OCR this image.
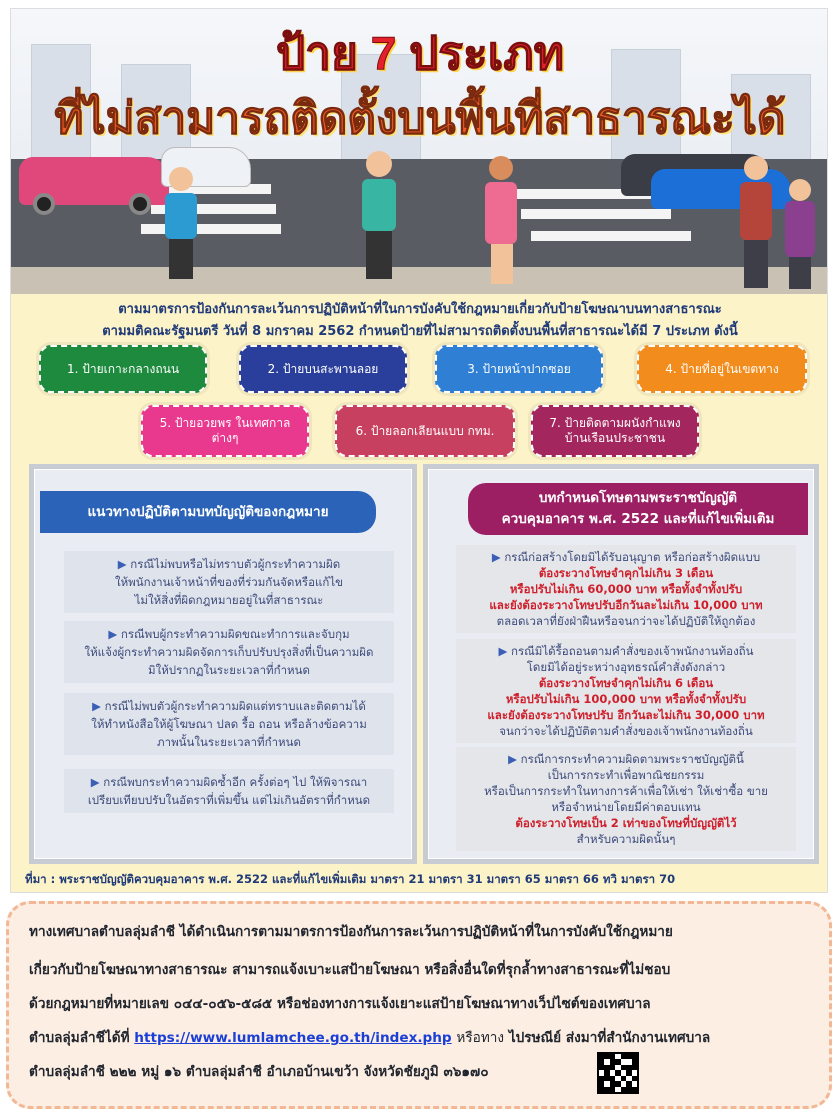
ป้าย 7 ประเภท
ที่ไม่สามารถติดตั้งบนพื้นที่สาธารณะได้
ตามมาตรการป้องกันการละเว้นการปฏิบัติหน้าที่ในการบังคับใช้กฎหมายเกี่ยวกับป้ายโฆษณาบนทางสาธารณะ
ตามมติคณะรัฐมนตรี วันที่ 8 มกราคม 2562 กำหนดป้ายที่ไม่สามารถติดตั้งบนพื้นที่สาธารณะได้มี 7 ประเภท ดังนี้
1. ป้ายเกาะกลางถนน	2. ป้ายบนสะพานลอย	3. ป้ายหน้าปากซอย	4. ป้ายที่อยู่ในเขตทาง
5. ป้ายอวยพร ในเทศกาลต่างๆ
6. ป้ายลอกเลียนแบบ กทม.
7. ป้ายติดตามผนังกำแพง บ้านเรือนประชาชน
แนวทางปฏิบัติตามบทบัญญัติของกฎหมาย
▶ กรณีไม่พบหรือไม่ทราบตัวผู้กระทำความผิด
ให้พนักงานเจ้าหน้าที่ของที่ร่วมกันจัดหรือแก้ไข
ไม่ให้สิ่งที่ผิดกฎหมายอยู่ในที่สาธารณะ
▶ กรณีพบผู้กระทำความผิดขณะทำการและจับกุม
ให้แจ้งผู้กระทำความผิดจัดการเก็บปรับปรุงสิ่งที่เป็นความผิด
มิให้ปรากฏในระยะเวลาที่กำหนด
▶ กรณีไม่พบตัวผู้กระทำความผิดแต่ทราบและติดตามได้
ให้ทำหนังสือให้ผู้โฆษณา ปลด รื้อ ถอน หรือล้างข้อความ
ภาพนั้นในระยะเวลาที่กำหนด
▶ กรณีพบกระทำความผิดซ้ำอีก ครั้งต่อๆ ไป ให้พิจารณา
เปรียบเทียบปรับในอัตราที่เพิ่มขึ้น แต่ไม่เกินอัตราที่กำหนด
บทกำหนดโทษตามพระราชบัญญัติ
ควบคุมอาคาร พ.ศ. 2522 และที่แก้ไขเพิ่มเติม
▶ กรณีก่อสร้างโดยมิได้รับอนุญาต หรือก่อสร้างผิดแบบ
ต้องระวางโทษจำคุกไม่เกิน 3 เดือน
หรือปรับไม่เกิน 60,000 บาท หรือทั้งจำทั้งปรับ
และยังต้องระวางโทษปรับอีกวันละไม่เกิน 10,000 บาท
ตลอดเวลาที่ยังฝ่าฝืนหรือจนกว่าจะได้ปฏิบัติให้ถูกต้อง
▶ กรณีมิได้รื้อถอนตามคำสั่งของเจ้าพนักงานท้องถิ่น
โดยมิได้อยู่ระหว่างอุทธรณ์คำสั่งดังกล่าว
ต้องระวางโทษจำคุกไม่เกิน 6 เดือน
หรือปรับไม่เกิน 100,000 บาท หรือทั้งจำทั้งปรับ
และยังต้องระวางโทษปรับ อีกวันละไม่เกิน 30,000 บาท
จนกว่าจะได้ปฏิบัติตามคำสั่งของเจ้าพนักงานท้องถิ่น
▶ กรณีการกระทำความผิดตามพระราชบัญญัตินี้
เป็นการกระทำเพื่อพาณิชยกรรม
หรือเป็นการกระทำในทางการค้าเพื่อให้เช่า ให้เช่าซื้อ ขาย
หรือจำหน่ายโดยมีค่าตอบแทน
ต้องระวางโทษเป็น 2 เท่าของโทษที่บัญญัติไว้
สำหรับความผิดนั้นๆ
ที่มา : พระราชบัญญัติควบคุมอาคาร พ.ศ. 2522 และที่แก้ไขเพิ่มเติม มาตรา 21 มาตรา 31 มาตรา 65 มาตรา 66 ทวิ มาตรา 70
ทางเทศบาลตำบลลุ่มลำชี ได้ดำเนินการตามมาตรการป้องกันการละเว้นการปฏิบัติหน้าที่ในการบังคับใช้กฎหมาย
เกี่ยวกับป้ายโฆษณาทางสาธารณะ สามารถแจ้งเบาะแสป้ายโฆษณา หรือสิ่งอื่นใดที่รุกล้ำทางสาธารณะที่ไม่ชอบ
ด้วยกฎหมายที่หมายเลข ๐๔๔-๐๕๖-๕๘๕ หรือช่องทางการแจ้งเยาะแสป้ายโฆษณาทางเว็ปไซต์ของเทศบาล
ตำบลลุ่มลำชีได้ที่ https://www.lumlamchee.go.th/index.php หรือทาง ไปรษณีย์ ส่งมาที่สำนักงานเทศบาล
ตำบลลุ่มลำชี ๒๒๒ หมู่ ๑๖ ตำบลลุ่มลำชี อำเภอบ้านเขว้า จังหวัดชัยภูมิ ๓๖๑๗๐
